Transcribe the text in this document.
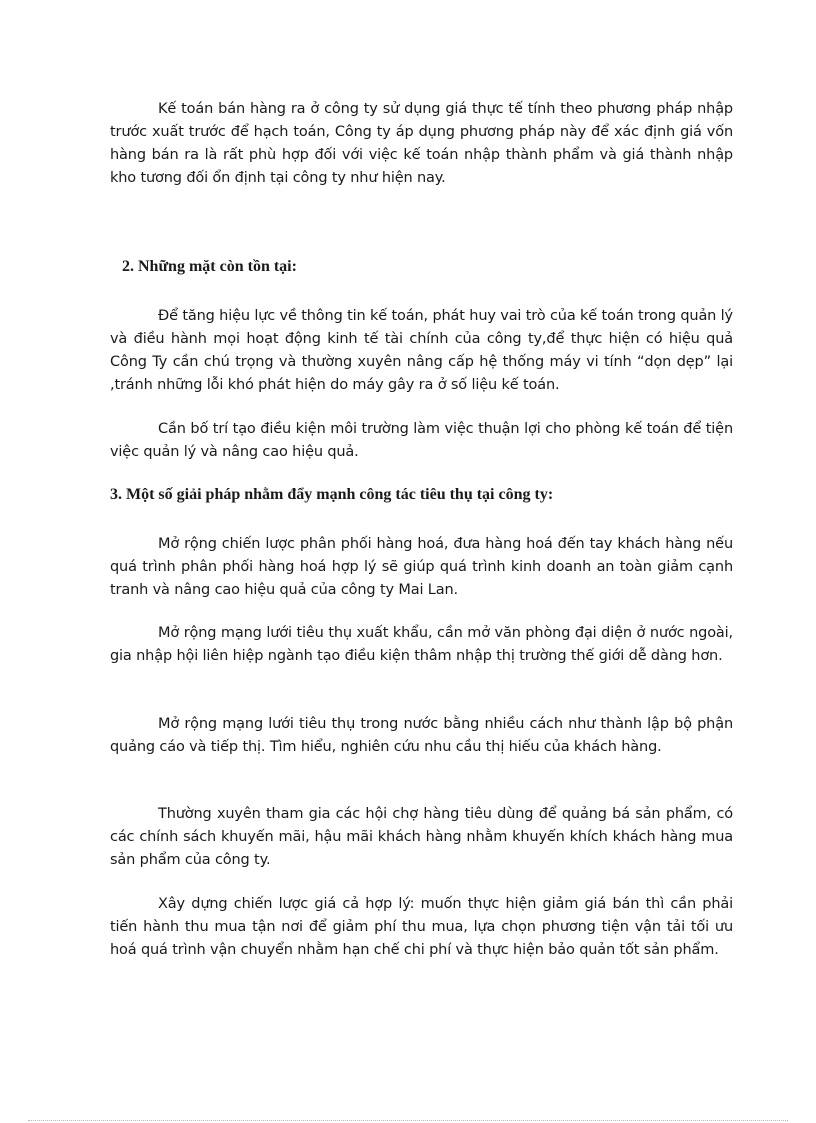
Kế toán bán hàng ra ở công ty sử dụng giá thực tế tính theo phương pháp nhập trước xuất trước để hạch toán, Công ty áp dụng phương pháp này để xác định giá vốn hàng bán ra là rất phù hợp đối với việc kế toán nhập thành phẩm và giá thành nhập kho tương đối ổn định tại công ty như hiện nay.

2. Những mặt còn tồn tại:

Để tăng hiệu lực về thông tin kế toán, phát huy vai trò của kế toán trong quản lý và điều hành mọi hoạt động kinh tế tài chính của công ty,để thực hiện có hiệu quả Công Ty cần chú trọng và thường xuyên nâng cấp hệ thống máy vi tính “dọn dẹp” lại ,tránh những lỗi khó phát hiện do máy gây ra ở số liệu kế toán.

Cần bố trí tạo điều kiện môi trường làm việc thuận lợi cho phòng kế toán để tiện việc quản lý và nâng cao hiệu quả.

3. Một số giải pháp nhằm đẩy mạnh công tác tiêu thụ tại công ty:

Mở rộng chiến lược phân phối hàng hoá, đưa hàng hoá đến tay khách hàng nếu quá trình phân phối hàng hoá hợp lý sẽ giúp quá trình kinh doanh an toàn giảm cạnh tranh và nâng cao hiệu quả của công ty Mai Lan.

Mở rộng mạng lưới tiêu thụ xuất khẩu, cần mở văn phòng đại diện ở nước ngoài, gia nhập hội liên hiệp ngành tạo điều kiện thâm nhập thị trường thế giới dễ dàng hơn.

Mở rộng mạng lưới tiêu thụ trong nước bằng nhiều cách như thành lập bộ phận quảng cáo và tiếp thị. Tìm hiểu, nghiên cứu nhu cầu thị hiếu của khách hàng.

Thường xuyên tham gia các hội chợ hàng tiêu dùng để quảng bá sản phẩm, có các chính sách khuyến mãi, hậu mãi khách hàng nhằm khuyến khích khách hàng mua sản phẩm của công ty.

Xây dựng chiến lược giá cả hợp lý: muốn thực hiện giảm giá bán thì cần phải tiến hành thu mua tận nơi để giảm phí thu mua, lựa chọn phương tiện vận tải tối ưu hoá quá trình vận chuyển nhằm hạn chế chi phí và thực hiện bảo quản tốt sản phẩm.
